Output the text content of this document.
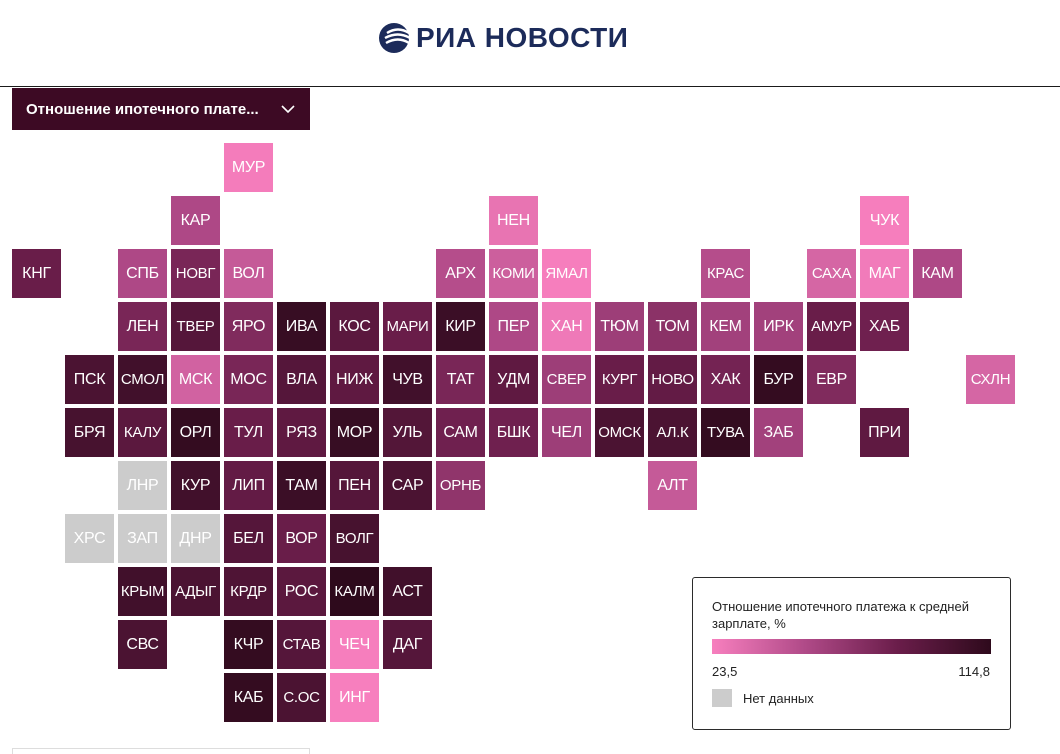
РИА НОВОСТИ
Отношение ипотечного плате...
МУР
КАР	НЕН	ЧУК
КНГ	СПБ	НОВГ	ВОЛ	АРХ	КОМИ ЯМАЛ	КРАС	САХА	МАГ	КАМ
ЛЕН	ТВЕР	ЯРО	ИВА	КОС	МАРИ	КИР	ПЕР	ХАН	ТЮМ	ТОМ	КЕМ	ИРК	АМУР	ХАБ
ПСК	СМОЛ МСК	МОС	ВЛА	НИЖ	ЧУВ	ТАТ	УДМ	СВЕР	КУРГ НОВО	ХАК	БУР	ЕВР	СХЛН
БРЯ	КАЛУ	ОРЛ	ТУЛ	РЯЗ	МОР	УЛЬ	САМ	БШК	ЧЕЛ	ОМСК	АЛ.К	ТУВА	ЗАБ	ПРИ
ЛНР	КУР	ЛИП	ТАМ	ПЕН	САР	ОРНБ	АЛТ
ХРС	ЗАП	ДНР	БЕЛ	ВОР	ВОЛГ
КРЫМ АДЫГ КРДР	РОС	КАЛМ	АСТ
СВС	КЧР	СТАВ	ЧЕЧ	ДАГ
КАБ	С.ОС	ИНГ
Отношение ипотечного платежа к средней зарплате, %
23,5	114,8
Нет данных
